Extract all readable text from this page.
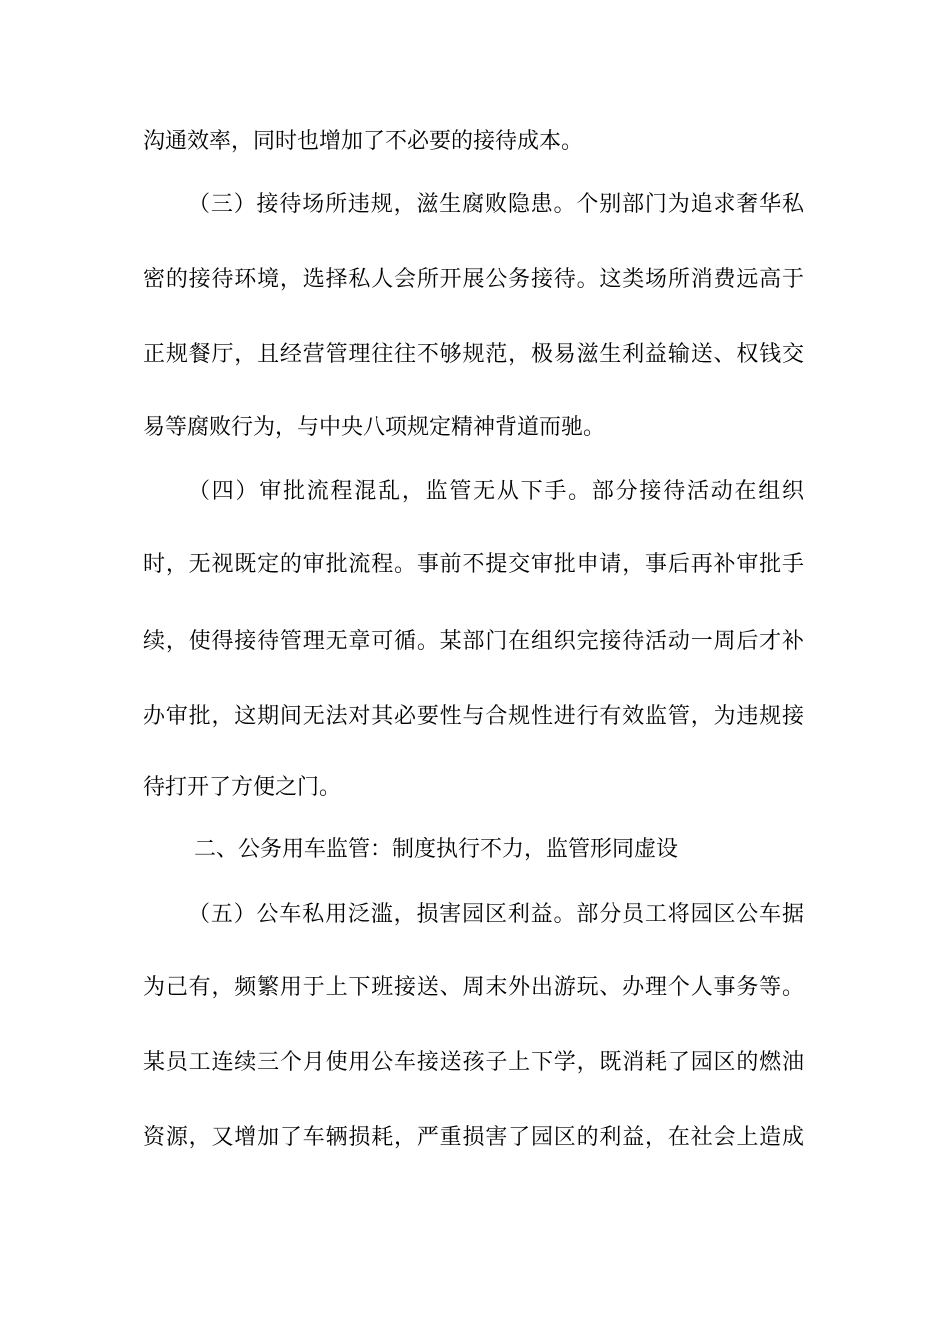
沟通效率，同时也增加了不必要的接待成本。
（三）接待场所违规，滋生腐败隐患。个别部门为追求奢华私
密的接待环境，选择私人会所开展公务接待。这类场所消费远高于
正规餐厅，且经营管理往往不够规范，极易滋生利益输送、权钱交
易等腐败行为，与中央八项规定精神背道而驰。
（四）审批流程混乱，监管无从下手。部分接待活动在组织
时，无视既定的审批流程。事前不提交审批申请，事后再补审批手
续，使得接待管理无章可循。某部门在组织完接待活动一周后才补
办审批，这期间无法对其必要性与合规性进行有效监管，为违规接
待打开了方便之门。
二、公务用车监管：制度执行不力，监管形同虚设
（五）公车私用泛滥，损害园区利益。部分员工将园区公车据
为己有，频繁用于上下班接送、周末外出游玩、办理个人事务等。
某员工连续三个月使用公车接送孩子上下学，既消耗了园区的燃油
资源，又增加了车辆损耗，严重损害了园区的利益，在社会上造成
